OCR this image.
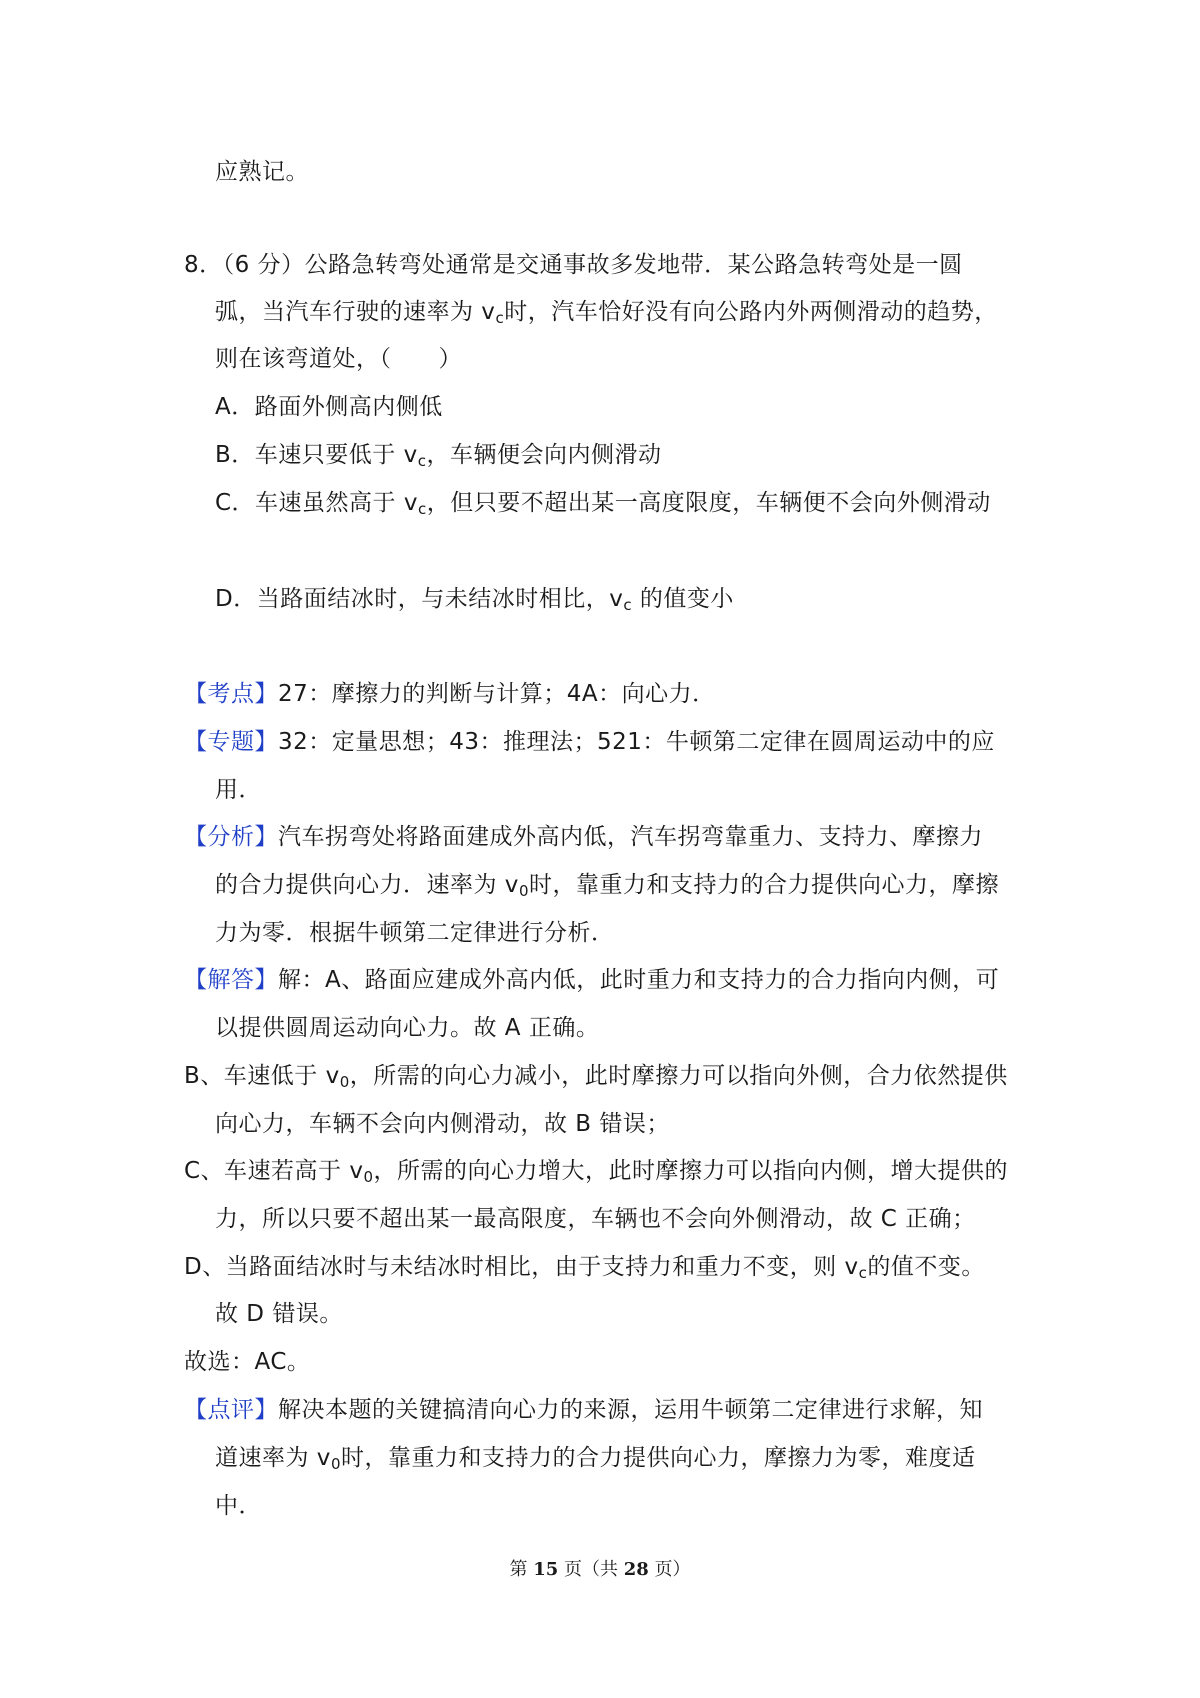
应熟记。
8．（6 分）公路急转弯处通常是交通事故多发地带．某公路急转弯处是一圆
弧，当汽车行驶的速率为 $v_c$时，汽车恰好没有向公路内外两侧滑动的趋势，
则在该弯道处，（　　）
A．路面外侧高内侧低
B．车速只要低于 $v_c$，车辆便会向内侧滑动
C．车速虽然高于 $v_c$，但只要不超出某一高度限度，车辆便不会向外侧滑动
D．当路面结冰时，与未结冰时相比，$v_c$ 的值变小
【考点】27：摩擦力的判断与计算；4A：向心力．
【专题】32：定量思想；43：推理法；521：牛顿第二定律在圆周运动中的应
用．
【分析】汽车拐弯处将路面建成外高内低，汽车拐弯靠重力、支持力、摩擦力
的合力提供向心力．速率为 $v_0$时，靠重力和支持力的合力提供向心力，摩擦
力为零．根据牛顿第二定律进行分析．
【解答】解：A、路面应建成外高内低，此时重力和支持力的合力指向内侧，可
以提供圆周运动向心力。故 A 正确。
B、车速低于 $v_0$，所需的向心力减小，此时摩擦力可以指向外侧，合力依然提供
向心力，车辆不会向内侧滑动，故 B 错误；
C、车速若高于 $v_0$，所需的向心力增大，此时摩擦力可以指向内侧，增大提供的
力，所以只要不超出某一最高限度，车辆也不会向外侧滑动，故 C 正确；
D、当路面结冰时与未结冰时相比，由于支持力和重力不变，则 $v_c$的值不变。
故 D 错误。
故选：AC。
【点评】解决本题的关键搞清向心力的来源，运用牛顿第二定律进行求解，知
道速率为 $v_0$时，靠重力和支持力的合力提供向心力，摩擦力为零，难度适
中．
第 15 页（共 28 页）
